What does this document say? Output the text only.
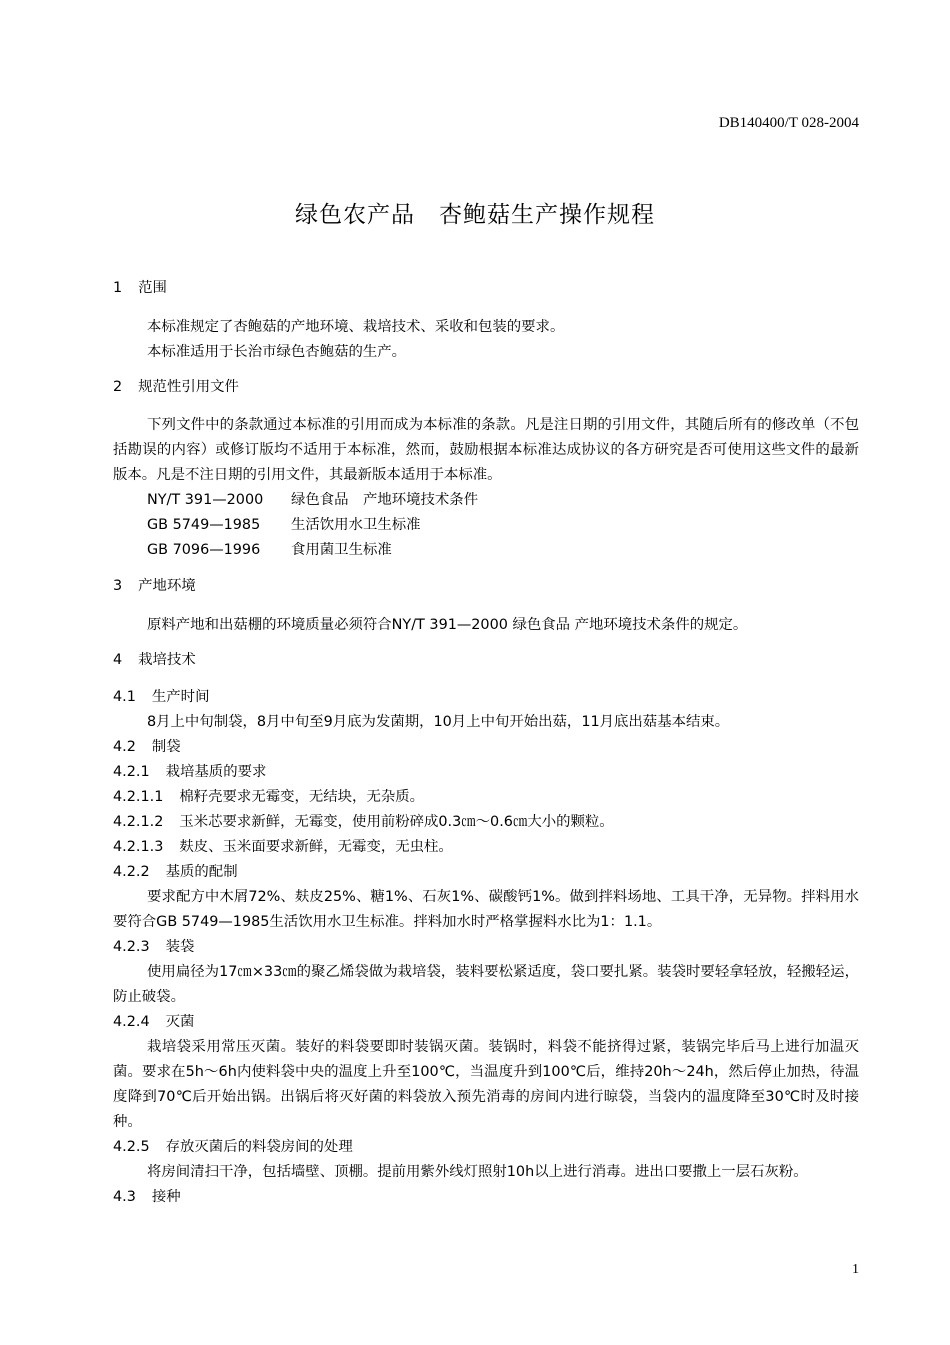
DB140400/T 028-2004
绿色农产品　杏鲍菇生产操作规程
1 范围

本标准规定了杏鲍菇的产地环境、栽培技术、采收和包装的要求。

本标准适用于长治市绿色杏鲍菇的生产。

2 规范性引用文件

下列文件中的条款通过本标准的引用而成为本标准的条款。凡是注日期的引用文件，其随后所有的修改单（不包括勘误的内容）或修订版均不适用于本标准，然而，鼓励根据本标准达成协议的各方研究是否可使用这些文件的最新版本。凡是不注日期的引用文件，其最新版本适用于本标准。

NY/T 391—2000	绿色食品　产地环境技术条件
GB 5749—1985	生活饮用水卫生标准
GB 7096—1996	食用菌卫生标准
3 产地环境

原料产地和出菇棚的环境质量必须符合NY/T 391—2000 绿色食品 产地环境技术条件的规定。

4 栽培技术
4.1 生产时间

8月上中旬制袋，8月中旬至9月底为发菌期，10月上中旬开始出菇，11月底出菇基本结束。

4.2 制袋
4.2.1 栽培基质的要求
4.2.1.1 棉籽壳要求无霉变，无结块，无杂质。
4.2.1.2 玉米芯要求新鲜，无霉变，使用前粉碎成0.3㎝～0.6㎝大小的颗粒。
4.2.1.3 麸皮、玉米面要求新鲜，无霉变，无虫柱。
4.2.2 基质的配制

要求配方中木屑72%、麸皮25%、糖1%、石灰1%、碳酸钙1%。做到拌料场地、工具干净，无异物。拌料用水要符合GB 5749—1985生活饮用水卫生标准。拌料加水时严格掌握料水比为1：1.1。

4.2.3 装袋

使用扁径为17㎝×33㎝的聚乙烯袋做为栽培袋，装料要松紧适度，袋口要扎紧。装袋时要轻拿轻放，轻搬轻运，防止破袋。

4.2.4 灭菌

栽培袋采用常压灭菌。装好的料袋要即时装锅灭菌。装锅时，料袋不能挤得过紧，装锅完毕后马上进行加温灭菌。要求在5h～6h内使料袋中央的温度上升至100℃，当温度升到100℃后，维持20h～24h，然后停止加热，待温度降到70℃后开始出锅。出锅后将灭好菌的料袋放入预先消毒的房间内进行晾袋，当袋内的温度降至30℃时及时接种。

4.2.5 存放灭菌后的料袋房间的处理

将房间清扫干净，包括墙壁、顶棚。提前用紫外线灯照射10h以上进行消毒。进出口要撒上一层石灰粉。

4.3 接种
1
